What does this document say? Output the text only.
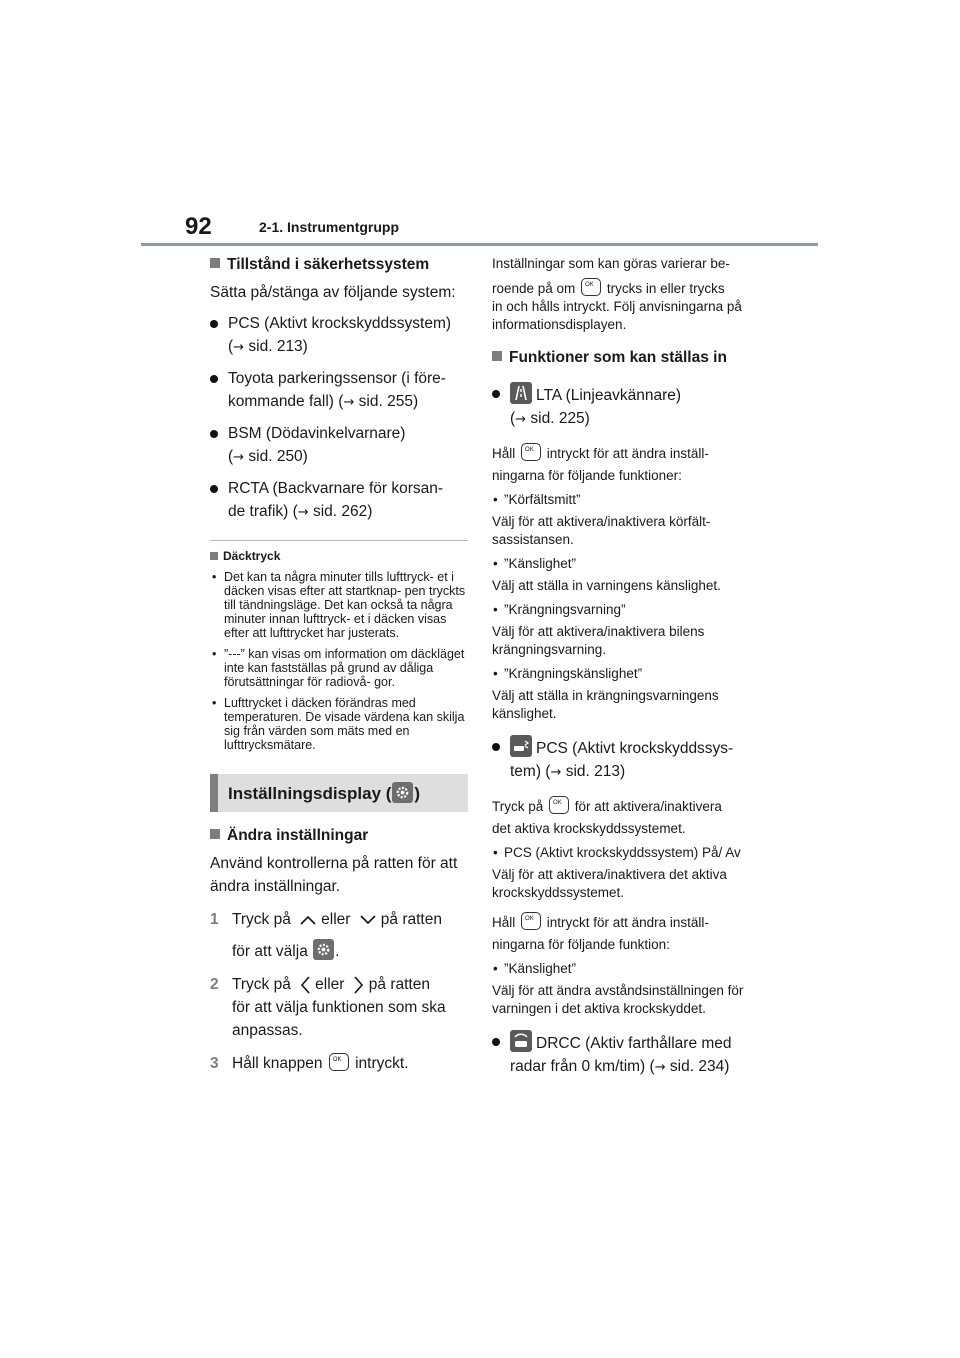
92	2-1. Instrumentgrupp

Tillstånd i säkerhetssystem

Sätta på/stänga av följande system:

PCS (Aktivt krockskyddssystem)
(→ sid. 213)
Toyota parkeringssensor (i före-
kommande fall) (→ sid. 255)
BSM (Dödavinkelvarnare)
(→ sid. 250)
RCTA (Backvarnare för korsan-
de trafik) (→ sid. 262)

Däcktryck

• Det kan ta några minuter tills lufttryck- et i däcken visas efter att startknap- pen tryckts till tändningsläge. Det kan också ta några minuter innan lufttryck- et i däcken visas efter att lufttrycket har justerats.

• ”---” kan visas om information om däckläget inte kan fastställas på grund av dåliga förutsättningar för radiovå- gor.

• Lufttrycket i däcken förändras med temperaturen. De visade värdena kan skilja sig från värden som mäts med en lufttrycksmätare.

Inställningsdisplay ( )

Ändra inställningar

Använd kontrollerna på ratten för att ändra inställningar.

1 Tryck på eller på ratten
för att välja .
2 Tryck på eller på ratten
för att välja funktionen som ska anpassas.
3 Håll knappen OK intryckt.

Inställningar som kan göras varierar be-
roende på om OK trycks in eller trycks
in och hålls intryckt. Följ anvisningarna på informationsdisplayen.

Funktioner som kan ställas in

LTA (Linjeavkännare)
(→ sid. 225)

Håll OK intryckt för att ändra inställ-
ningarna för följande funktioner:

• ”Körfältsmitt”

Välj för att aktivera/inaktivera körfält- sassistansen.

• ”Känslighet”

Välj att ställa in varningens känslighet.

• ”Krängningsvarning”

Välj för att aktivera/inaktivera bilens krängningsvarning.

• ”Krängningskänslighet”

Välj att ställa in krängningsvarningens känslighet.

PCS (Aktivt krockskyddssys-
tem) (→ sid. 213)

Tryck på OK för att aktivera/inaktivera
det aktiva krockskyddssystemet.

• PCS (Aktivt krockskyddssystem) På/ Av

Välj för att aktivera/inaktivera det aktiva krockskyddssystemet.

Håll OK intryckt för att ändra inställ-
ningarna för följande funktion:

• ”Känslighet”

Välj för att ändra avståndsinställningen för varningen i det aktiva krockskyddet.

DRCC (Aktiv farthållare med
radar från 0 km/tim) (→ sid. 234)
